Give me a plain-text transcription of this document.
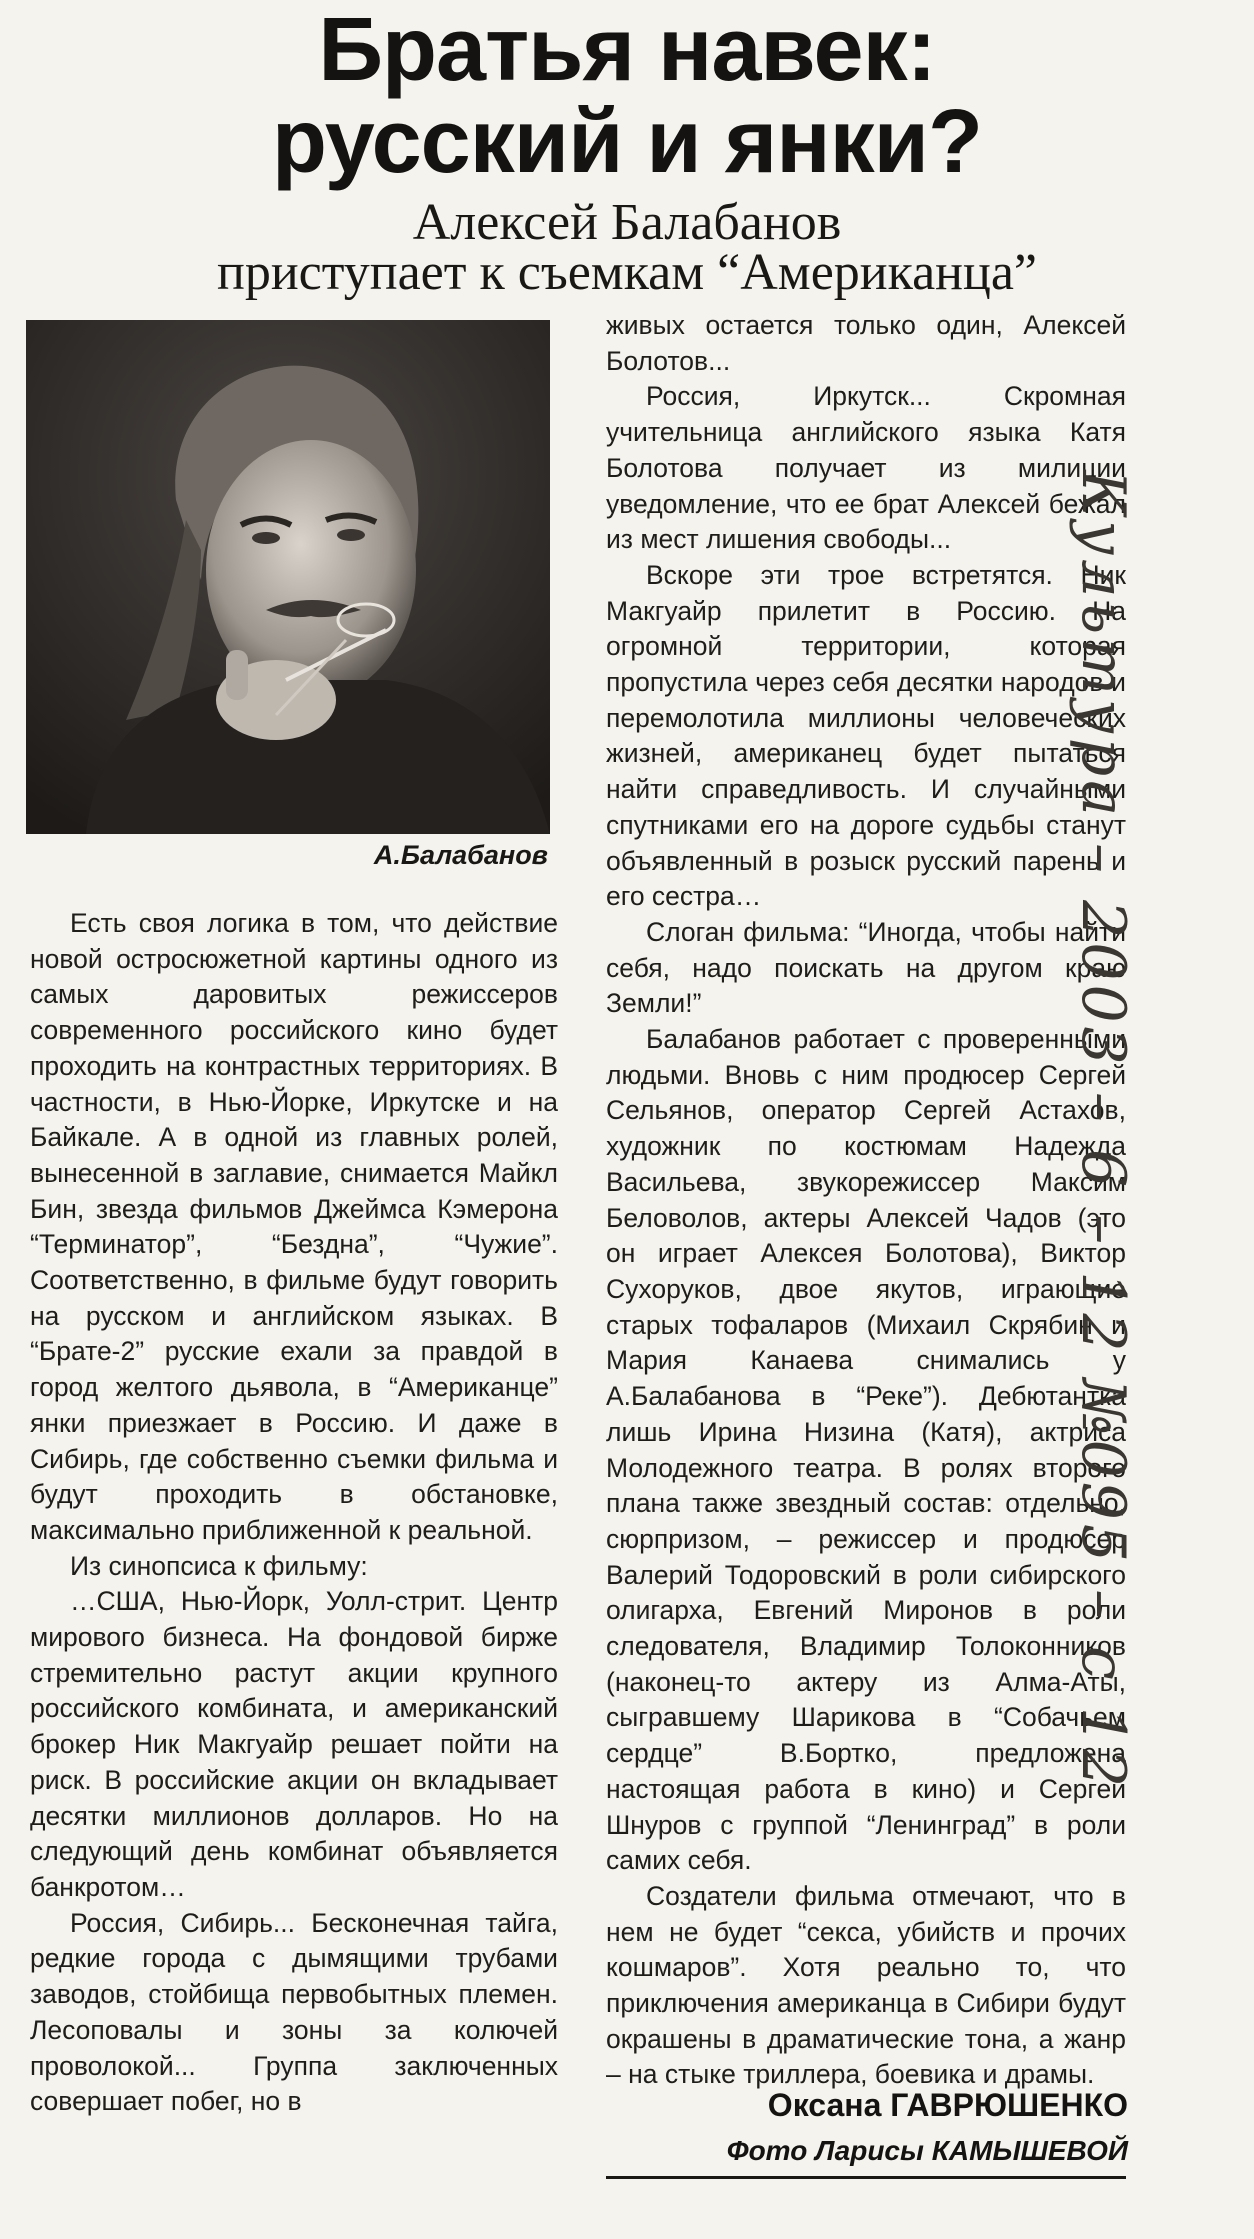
Братья навек:
русский и янки?
Алексей Балабанов
приступает к съемкам “Американца”
А.Балабанов

Есть своя логика в том, что действие новой остросюжетной картины одного из самых даровитых режиссеров современного российского кино будет проходить на контрастных территориях. В частности, в Нью-Йорке, Иркутске и на Байкале. А в одной из главных ролей, вынесенной в заглавие, снимается Майкл Бин, звезда фильмов Джеймса Кэмерона “Терминатор”, “Бездна”, “Чужие”. Соответственно, в фильме будут говорить на русском и английском языках. В “Брате-2” русские ехали за правдой в город желтого дьявола, в “Американце” янки приезжает в Россию. И даже в Сибирь, где собственно съемки фильма и будут проходить в обстановке, максимально приближенной к реальной.

Из синопсиса к фильму:

…США, Нью-Йорк, Уолл-стрит. Центр мирового бизнеса. На фондовой бирже стремительно растут акции крупного российского комбината, и американский брокер Ник Макгуайр решает пойти на риск. В российские акции он вкладывает десятки миллионов долларов. Но на следующий день комбинат объявляется банкротом…

Россия, Сибирь... Бесконечная тайга, редкие города с дымящими трубами заводов, стойбища первобытных племен. Лесоповалы и зоны за колючей проволокой... Группа заключенных совершает побег, но в

живых остается только один, Алексей Болотов...

Россия, Иркутск... Скромная учительница английского языка Катя Болотова получает из милиции уведомление, что ее брат Алексей бежал из мест лишения свободы...

Вскоре эти трое встретятся. Ник Макгуайр прилетит в Россию. На огромной территории, которая пропустила через себя десятки народов и перемолотила миллионы человеческих жизней, американец будет пытаться найти справедливость. И случайными спутниками его на дороге судьбы станут объявленный в розыск русский парень и его сестра…

Слоган фильма: “Иногда, чтобы найти себя, надо поискать на другом краю Земли!”

Балабанов работает с проверенными людьми. Вновь с ним продюсер Сергей Сельянов, оператор Сергей Астахов, художник по костюмам Надежда Васильева, звукорежиссер Максим Беловолов, актеры Алексей Чадов (это он играет Алексея Болотова), Виктор Сухоруков, двое якутов, играющие старых тофаларов (Михаил Скрябин и Мария Канаева снимались у А.Балабанова в “Реке”). Дебютантка лишь Ирина Низина (Катя), актриса Молодежного театра. В ролях второго плана также звездный состав: отдельно, сюрпризом, – режиссер и продюсер Валерий Тодоровский в роли сибирского олигарха, Евгений Миронов в роли следователя, Владимир Толоконников (наконец-то актеру из Алма-Аты, сыгравшему Шарикова в “Собачьем сердце” В.Бортко, предложена настоящая работа в кино) и Сергей Шнуров с группой “Ленинград” в роли самих себя.

Создатели фильма отмечают, что в нем не будет “секса, убийств и прочих кошмаров”. Хотя реально то, что приключения американца в Сибири будут окрашены в драматические тона, а жанр – на стыке триллера, боевика и драмы.

Оксана ГАВРЮШЕНКО
Фото Ларисы КАМЫШЕВОЙ
Культура – 2003 – 6 – 12 №095 – с 12
